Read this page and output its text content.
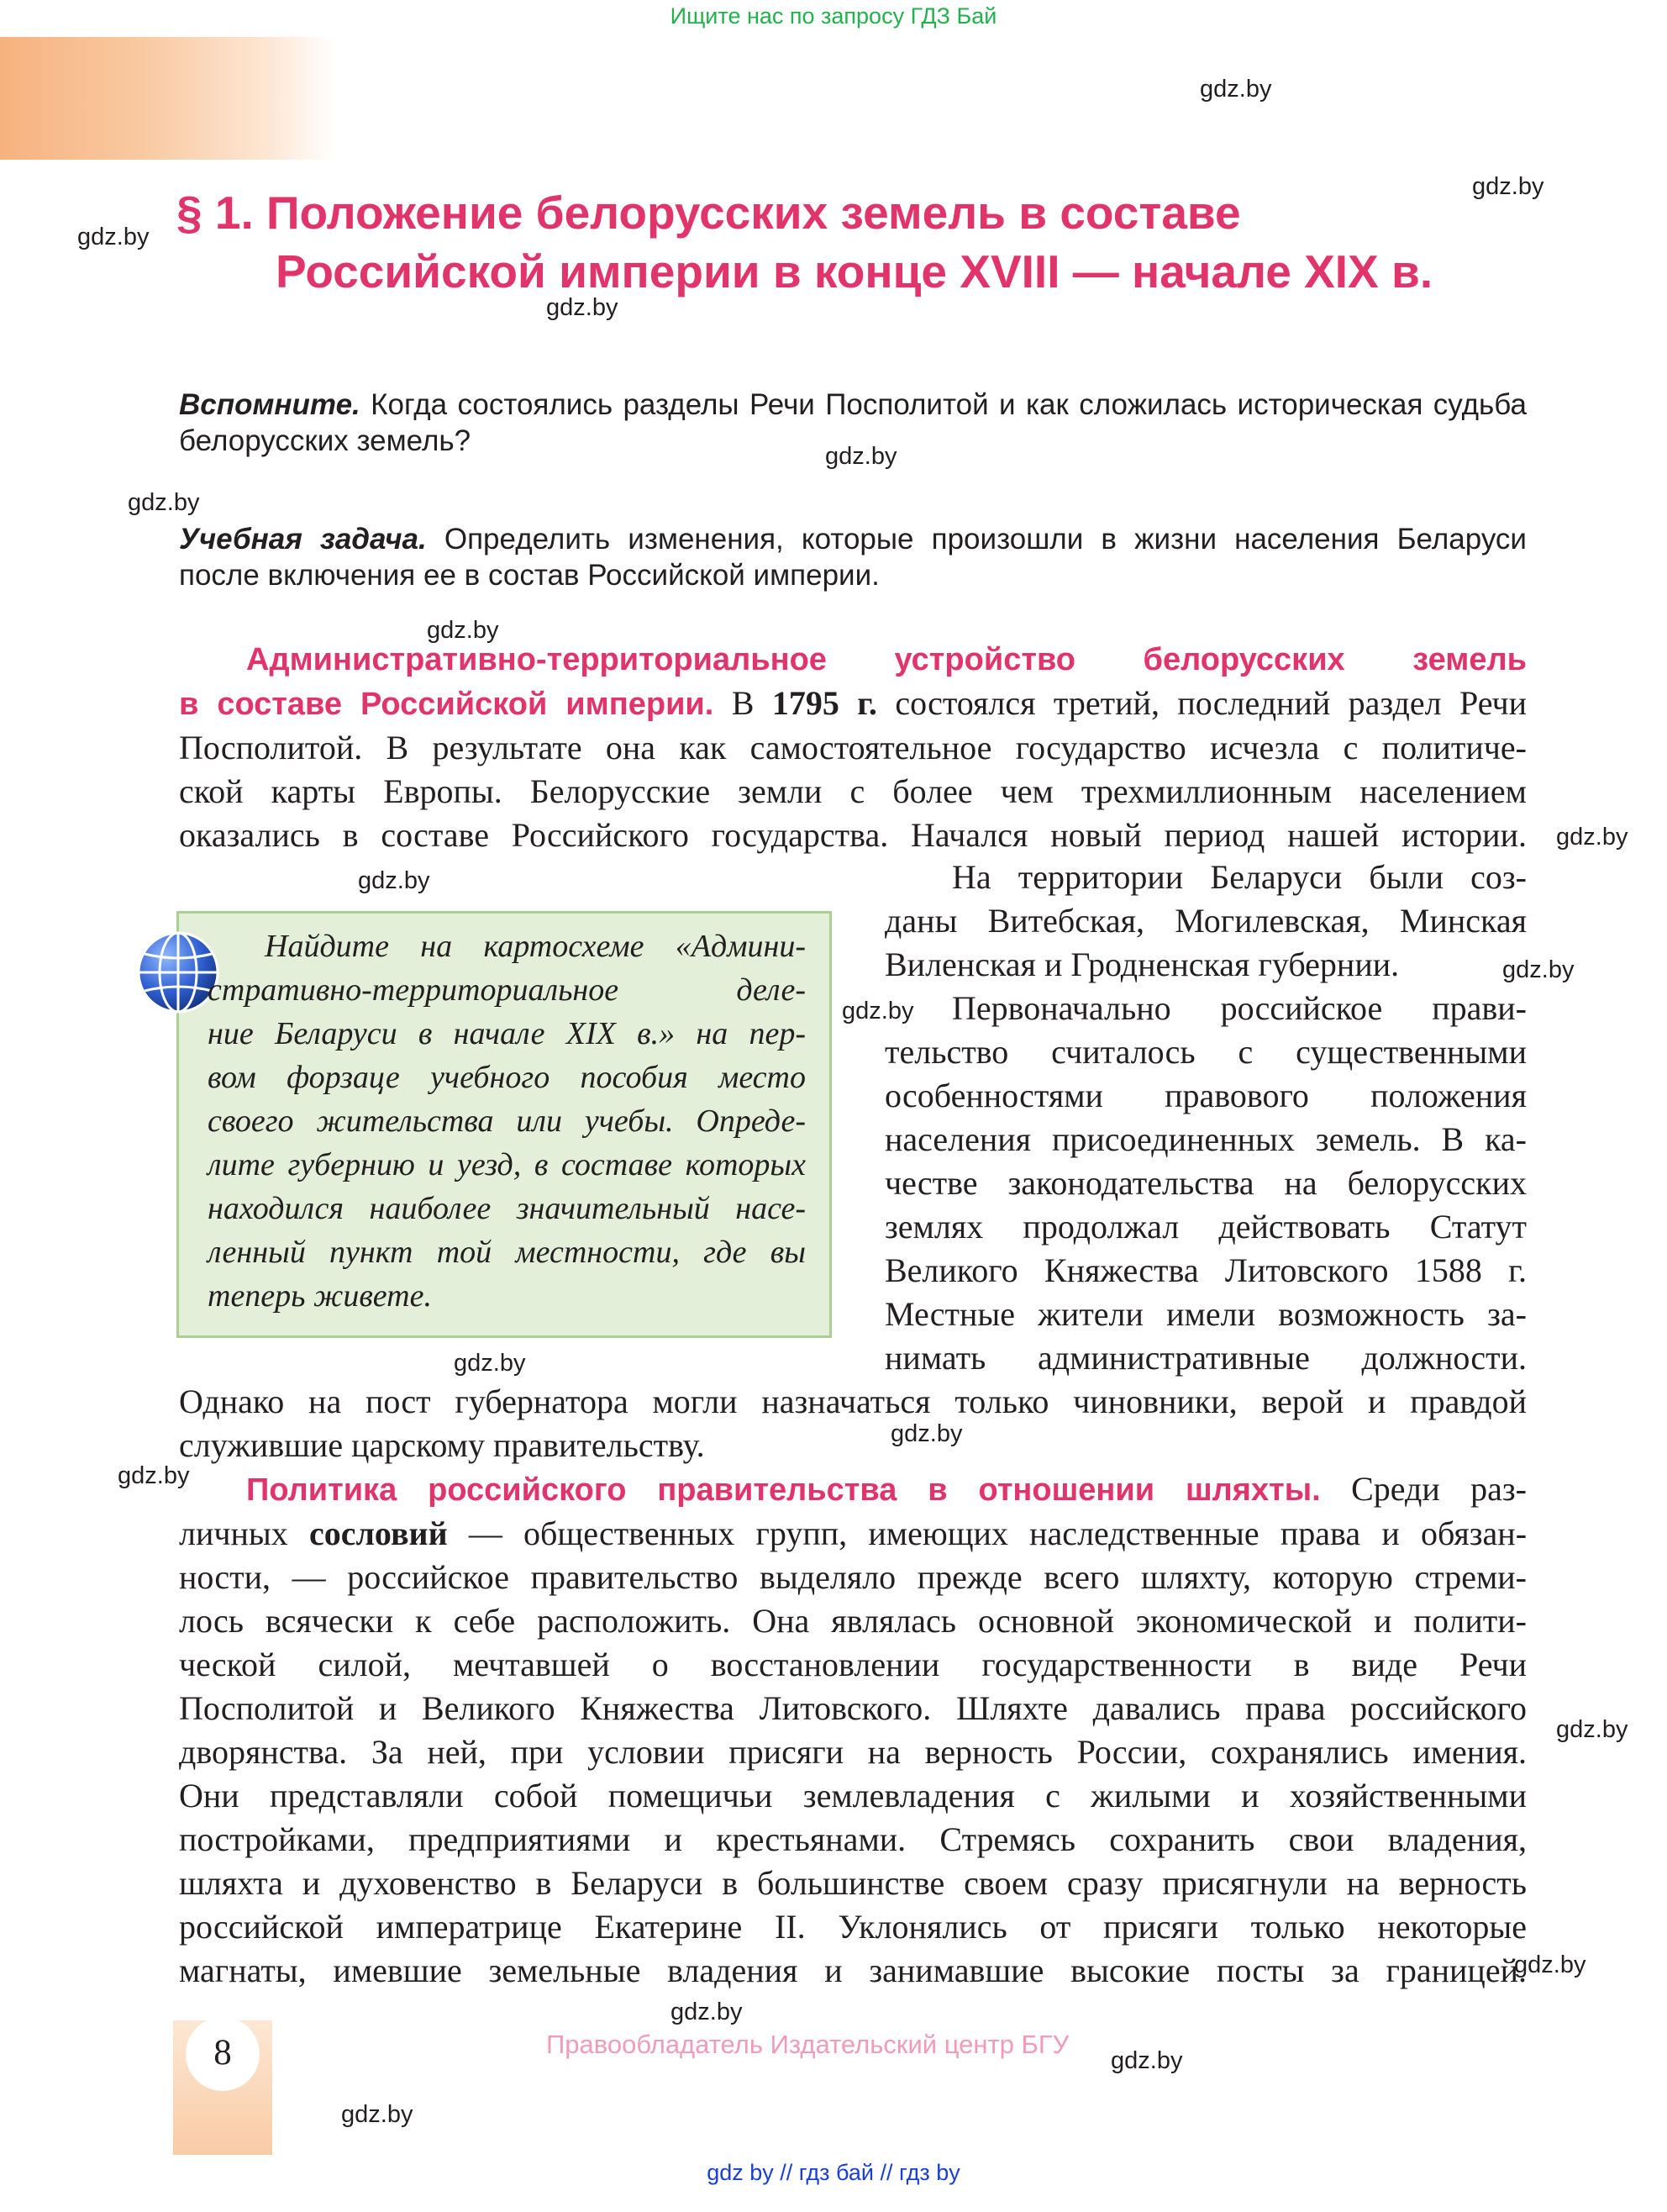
Ищите нас по запросу ГДЗ Бай
gdz.by
gdz.by
gdz.by
gdz.by
gdz.by
gdz.by
gdz.by
gdz.by
gdz.by
gdz.by
gdz.by
gdz.by
gdz.by
gdz.by
gdz.by
gdz.by
gdz.by
gdz.by
gdz.by
§ 1. Положение белорусских земель в составе
Российской империи в конце XVIII — начале XIX в.
Вспомните. Когда состоялись разделы Речи Посполитой и как сложилась историческая судьба белорусских земель?
Учебная задача. Определить изменения, которые произошли в жизни населения Беларуси после включения ее в состав Российской империи.
Административно-территориальное устройство белорусских земель
в составе Российской империи. В 1795 г. состоялся третий, последний раздел Речи
Посполитой. В результате она как самостоятельное государство исчезла с политиче-
ской карты Европы. Белорусские земли с более чем трехмиллионным населением
оказались в составе Российского государства. Начался новый период нашей истории.
На территории Беларуси были соз-
даны Витебская, Могилевская, Минская
Виленская и Гродненская губернии.
Первоначально российское прави-
тельство считалось с существенными
особенностями правового положения
населения присоединенных земель. В ка-
честве законодательства на белорусских
землях продолжал действовать Статут
Великого Княжества Литовского 1588 г.
Местные жители имели возможность за-
нимать административные должности.
Найдите на картосхеме «Админи-
стративно-территориальное деле-
ние Беларуси в начале XIX в.» на пер-
вом форзаце учебного пособия место
своего жительства или учебы. Опреде-
лите губернию и уезд, в составе которых
находился наиболее значительный насе-
ленный пункт той местности, где вы
теперь живете.
Однако на пост губернатора могли назначаться только чиновники, верой и правдой
служившие царскому правительству.
Политика российского правительства в отношении шляхты. Среди раз-
личных сословий — общественных групп, имеющих наследственные права и обязан-
ности, — российское правительство выделяло прежде всего шляхту, которую стреми-
лось всячески к себе расположить. Она являлась основной экономической и полити-
ческой силой, мечтавшей о восстановлении государственности в виде Речи
Посполитой и Великого Княжества Литовского. Шляхте давались права российского
дворянства. За ней, при условии присяги на верность России, сохранялись имения.
Они представляли собой помещичьи землевладения с жилыми и хозяйственными
постройками, предприятиями и крестьянами. Стремясь сохранить свои владения,
шляхта и духовенство в Беларуси в большинстве своем сразу присягнули на верность
российской императрице Екатерине II. Уклонялись от присяги только некоторые
магнаты, имевшие земельные владения и занимавшие высокие посты за границей.
8	Правообладатель Издательский центр БГУ
gdz by // гдз бай // гдз by
